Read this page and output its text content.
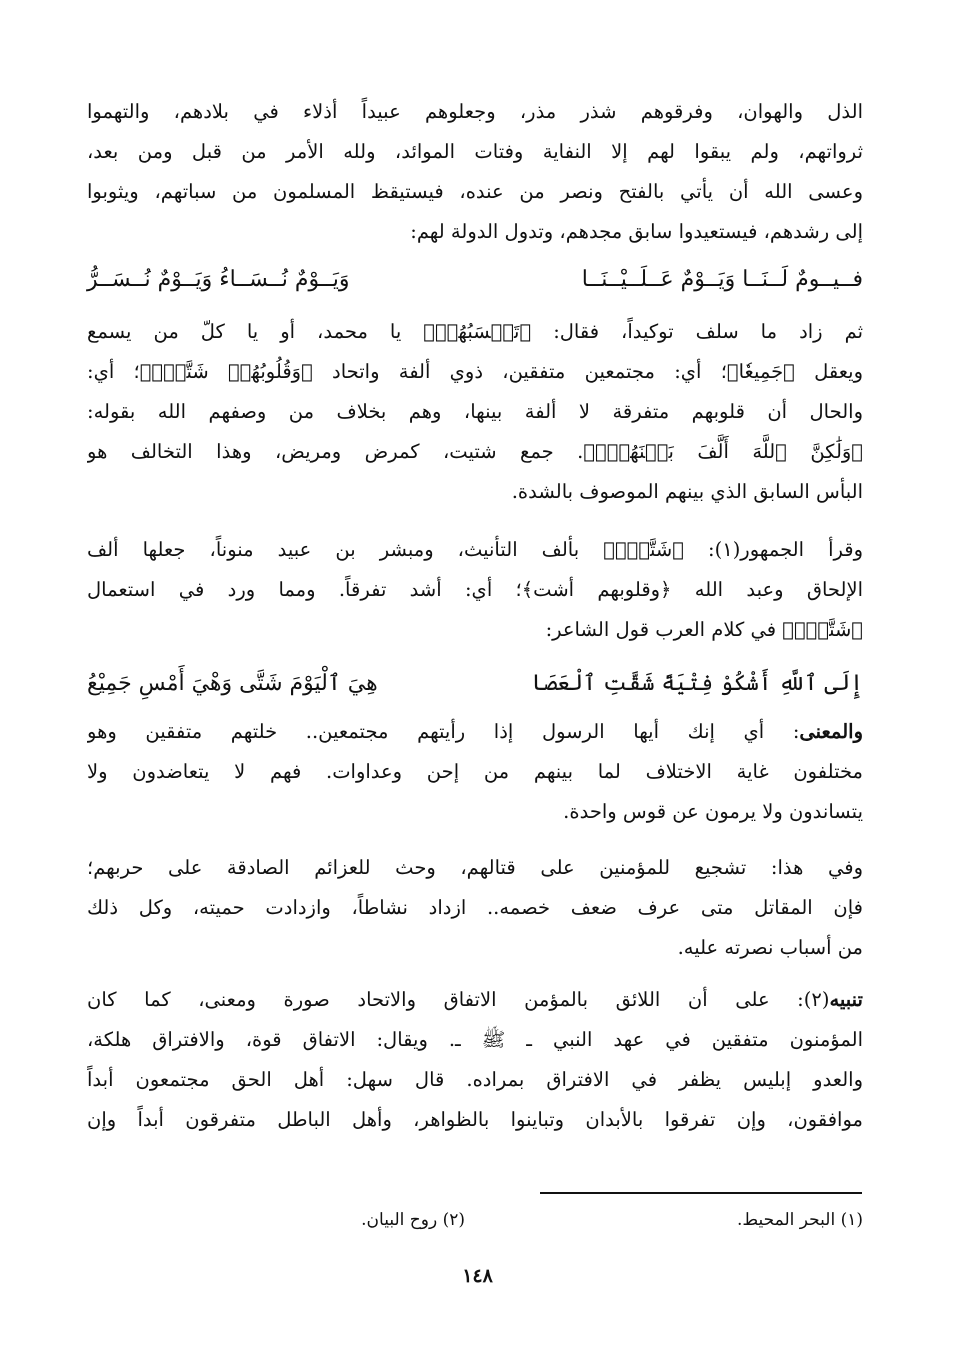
الذل والهوان، وفرقوهم شذر مذر، وجعلوهم عبيداً أذلاء في بلادهم، والتهموا
ثرواتهم، ولم يبقوا لهم إلا النفاية وفتات الموائد، ولله الأمر من قبل ومن بعد،
وعسى الله أن يأتي بالفتح ونصر من عنده، فيستيقظ المسلمون من سباتهم، ويثوبوا
إلى رشدهم، فيستعيدوا سابق مجدهم، وتدول الدولة لهم:
فــيــومٌ لَــنَــا وَيَــوْمٌ عَــلَــيْــنَــا
وَيَــوْمٌ نُــسَــاءُ وَيَــوْمٌ نُــسَــرُّ
ثم زاد ما سلف توكيداً، فقال: ﴿تَحۡسَبُهُمۡ﴾ يا محمد، أو يا كلّ من يسمع
ويعقل ﴿جَمِيعٗا﴾؛ أي: مجتمعين متفقين، ذوي ألفة واتحاد ﴿وَقُلُوبُهُمۡ شَتَّىٰۚ﴾؛ أي:
والحال أن قلوبهم متفرقة لا ألفة بينها، وهم بخلاف من وصفهم الله بقوله:
﴿وَلَٰكِنَّ ٱللَّهَ أَلَّفَ بَيۡنَهُمۡۚ﴾. جمع شتيت، كمرض ومريض، وهذا التخالف هو
البأس السابق الذي بينهم الموصوف بالشدة.
وقرأ الجمهور(١): ﴿شَتَّىٰۚ﴾ بألف التأنيث، ومبشر بن عبيد منوناً، جعلها ألف
الإلحاق وعبد الله ﴿وقلوبهم أشت﴾؛ أي: أشد تفرقاً. ومما ورد في استعمال
﴿شَتَّىٰۚ﴾ في كلام العرب قول الشاعر:
إِلَى ٱللَّهِ أَشْكُوْ فِتْيَةً شَقَّتِ ٱلْعَصَا
هِيَ ٱلْيَوْمَ شَتَّى وَهْيَ أَمْسِ جَمِيْعُ
والمعنى: أي إنك أيها الرسول إذا رأيتهم مجتمعين.. خلتهم متفقين وهو
مختلفون غاية الاختلاف لما بينهم من إحن وعداوات. فهم لا يتعاضدون ولا
يتساندون ولا يرمون عن قوس واحدة.
وفي هذا: تشجيع للمؤمنين على قتالهم، وحث للعزائم الصادقة على حربهم؛
فإن المقاتل متى عرف ضعف خصمه.. ازداد نشاطاً، وازدادت حميته، وكل ذلك
من أسباب نصرته عليه.
تنبيه(٢): على أن اللائق بالمؤمن الاتفاق والاتحاد صورة ومعنى، كما كان
المؤمنون متفقين في عهد النبي ـ ﷺ ـ. ويقال: الاتفاق قوة، والافتراق هلكة،
والعدو إبليس يظفر في الافتراق بمراده. قال سهل: أهل الحق مجتمعون أبداً
موافقون، وإن تفرقوا بالأبدان وتباينوا بالظواهر، وأهل الباطل متفرقون أبداً وإن
(١) البحر المحيط.
(٢) روح البيان.
١٤٨
